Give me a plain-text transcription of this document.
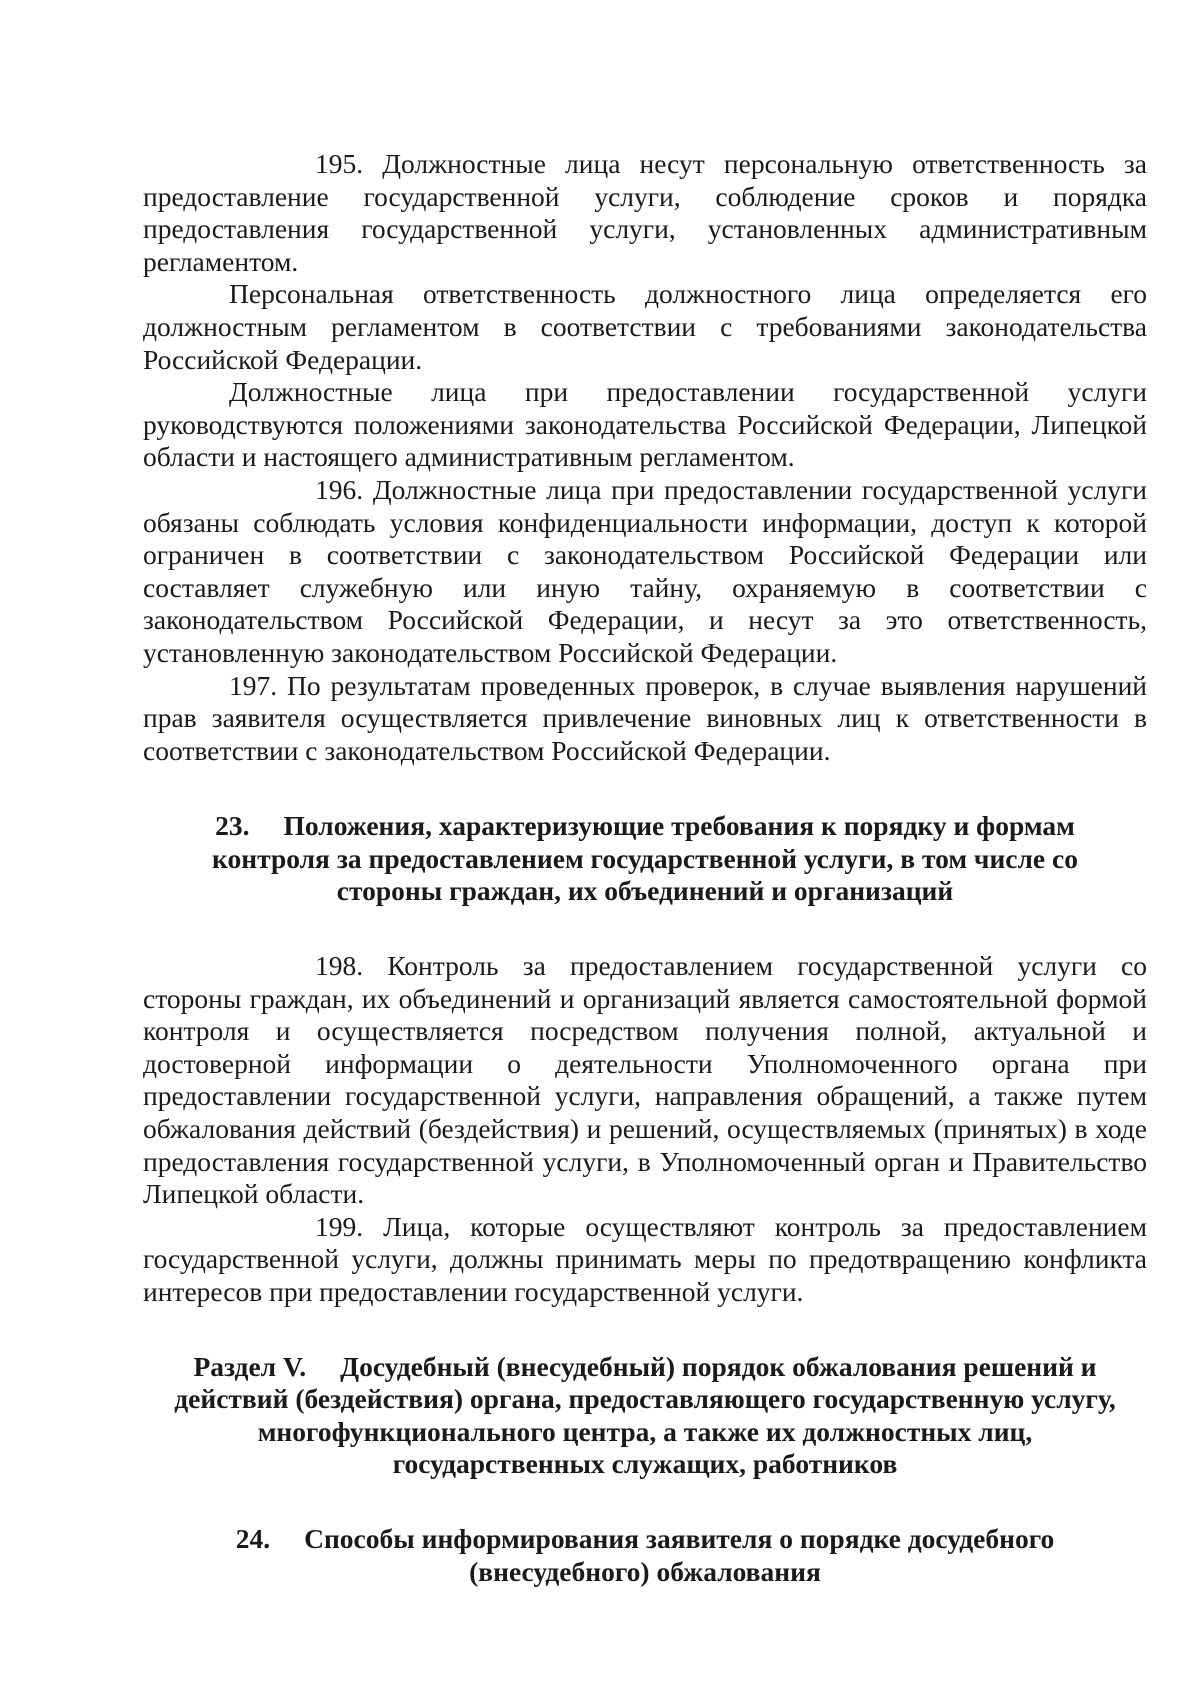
195. Должностные лица несут персональную ответственность за предоставление государственной услуги, соблюдение сроков и порядка предоставления государственной услуги, установленных административным регламентом.

Персональная ответственность должностного лица определяется его должностным регламентом в соответствии с требованиями законодательства Российской Федерации.

Должностные лица при предоставлении государственной услуги руководствуются положениями законодательства Российской Федерации, Липецкой области и настоящего административным регламентом.

196. Должностные лица при предоставлении государственной услуги обязаны соблюдать условия конфиденциальности информации, доступ к которой ограничен в соответствии с законодательством Российской Федерации или составляет служебную или иную тайну, охраняемую в соответствии с законодательством Российской Федерации, и несут за это ответственность, установленную законодательством Российской Федерации.

197. По результатам проведенных проверок, в случае выявления нарушений прав заявителя осуществляется привлечение виновных лиц к ответственности в соответствии с законодательством Российской Федерации.

23. Положения, характеризующие требования к порядку и формам
контроля за предоставлением государственной услуги, в том числе со
стороны граждан, их объединений и организаций

198. Контроль за предоставлением государственной услуги со стороны граждан, их объединений и организаций является самостоятельной формой контроля и осуществляется посредством получения полной, актуальной и достоверной информации о деятельности Уполномоченного органа при предоставлении государственной услуги, направления обращений, а также путем обжалования действий (бездействия) и решений, осуществляемых (принятых) в ходе предоставления государственной услуги, в Уполномоченный орган и Правительство Липецкой области.

199. Лица, которые осуществляют контроль за предоставлением государственной услуги, должны принимать меры по предотвращению конфликта интересов при предоставлении государственной услуги.

Раздел V. Досудебный (внесудебный) порядок обжалования решений и
действий (бездействия) органа, предоставляющего государственную услугу,
многофункционального центра, а также их должностных лиц,
государственных служащих, работников
24. Способы информирования заявителя о порядке досудебного
(внесудебного) обжалования
